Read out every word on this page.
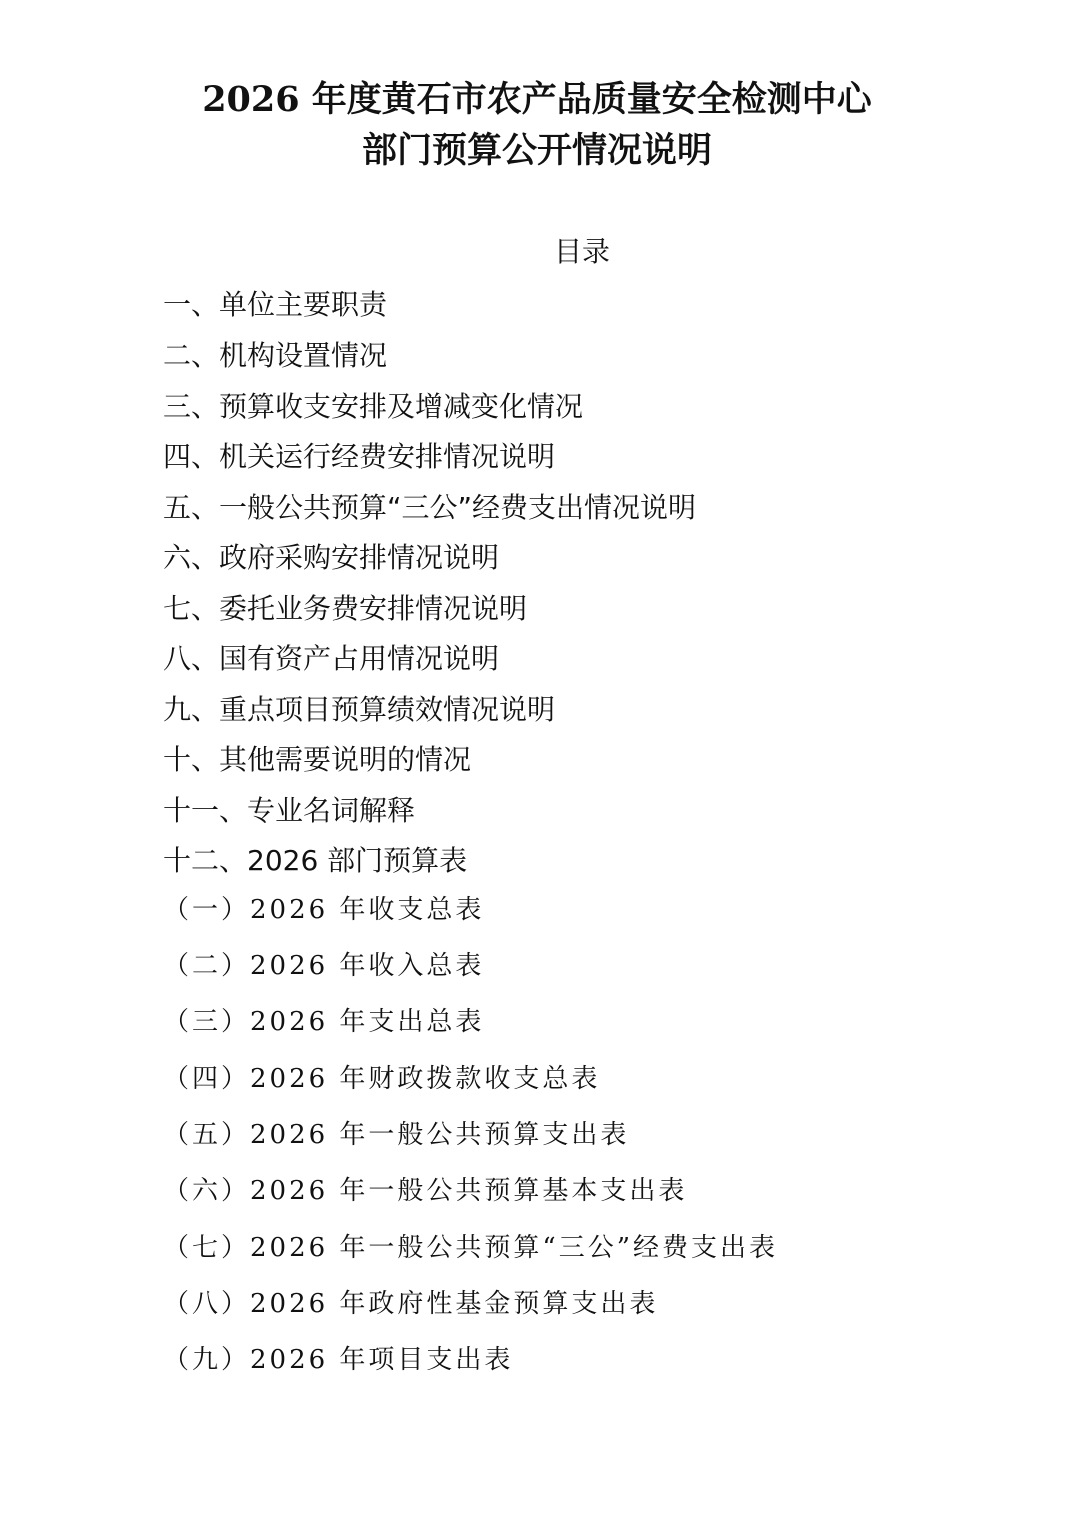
2026 年度黄石市农产品质量安全检测中心
部门预算公开情况说明
目录
一、单位主要职责
二、机构设置情况
三、预算收支安排及增减变化情况
四、机关运行经费安排情况说明
五、一般公共预算“三公”经费支出情况说明
六、政府采购安排情况说明
七、委托业务费安排情况说明
八、国有资产占用情况说明
九、重点项目预算绩效情况说明
十、其他需要说明的情况
十一、专业名词解释
十二、2026 部门预算表
（一）2026 年收支总表
（二）2026 年收入总表
（三）2026 年支出总表
（四）2026 年财政拨款收支总表
（五）2026 年一般公共预算支出表
（六）2026 年一般公共预算基本支出表
（七）2026 年一般公共预算“三公”经费支出表
（八）2026 年政府性基金预算支出表
（九）2026 年项目支出表
